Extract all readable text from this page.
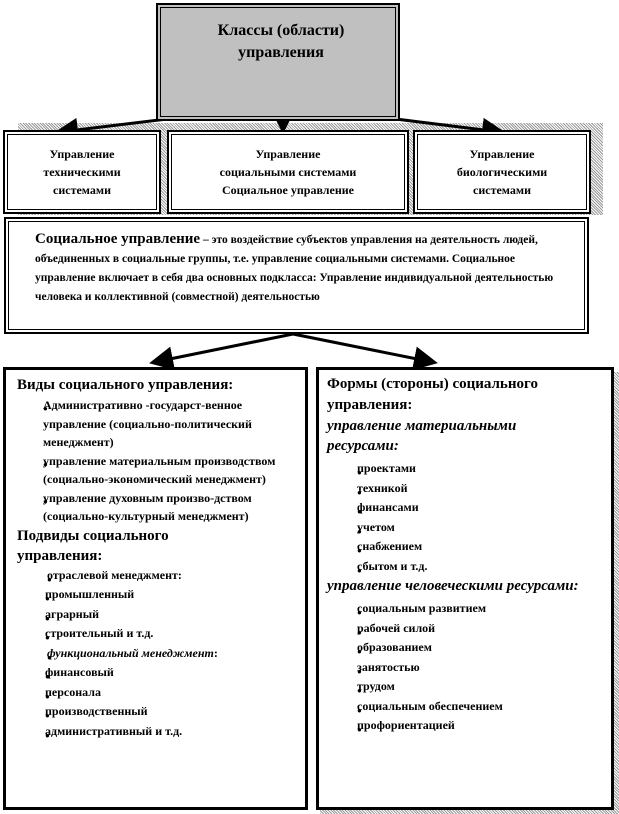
Классы (области) управления
Управление
техническими
системами
Управление
социальными системами
Социальное управление
Управление
биологическими
системами
Социальное управление – это воздействие субъектов управления на деятельность людей, объединенных в социальные группы, т.е. управление социальными системами. Социальное управление включает в себя два основных подкласса: Управление индивидуальной деятельностью человека и коллективной (совместной) деятельностью
Виды социального управления:
● Административно -государст-венное управление (социально-политический менеджмент)
● управление материальным производством (социально-экономический менеджмент)
● управление духовным произво-дством (социально-культурный менеджмент)
Подвиды социального управления:
● отраслевой менеджмент:
● промышленный
● аграрный
● строительный и т.д.
● функциональный менеджмент:
● финансовый
● персонала
● производственный
● административный и т.д.
Формы (стороны) социального управления:
управление материальными ресурсами:
● проектами
● техникой
● финансами
● учетом
● снабжением
● сбытом и т.д.
управление человеческими ресурсами:
● социальным развитием
● рабочей силой
● образованием
● занятостью
● трудом
● социальным обеспечением
● профориентацией
